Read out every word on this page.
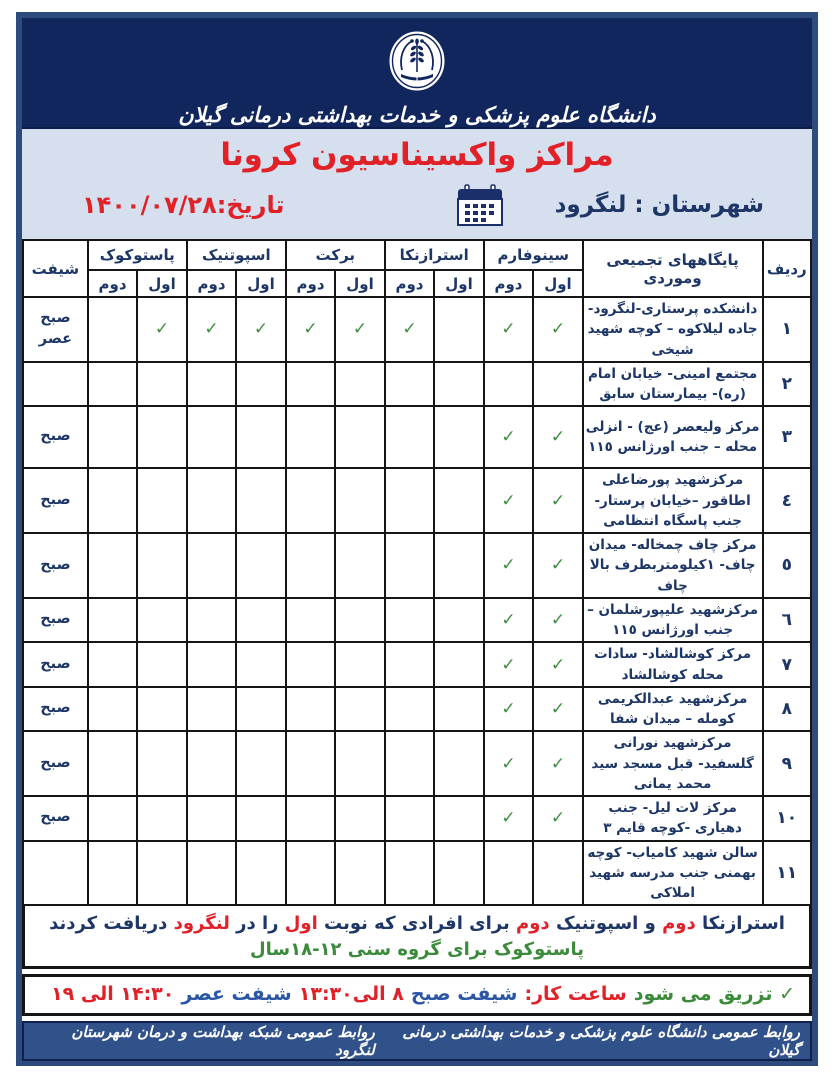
دانشگاه علوم پزشکی و خدمات بهداشتی درمانی گیلان
مراکز واکسیناسیون کرونا
شهرستان : لنگرود
تاریخ:۱۴۰۰/۰۷/۲۸
ردیف	پایگاههای تجمیعی وموردی	سینوفارم		استرازنکا		برکت		اسپوتنیک		پاستوکوک		شیفت
		اول	دوم	اول	دوم	اول	دوم	اول	دوم	اول	دوم	
١	دانشکده پرستاری-لنگرود- جاده لیلاکوه – کوچه شهید شیخی	✓	✓		✓	✓	✓	✓	✓	✓		صبح عصر
٢	مجتمع امینی- خیابان امام (ره)- بیمارستان سابق											
٣	مرکز ولیعصر (عج) - انزلی محله – جنب اورژانس ١١٥	✓	✓									صبح
٤	مرکزشهید پورضاعلی اطاقور –خیابان پرستار- جنب پاسگاه انتظامی	✓	✓									صبح
٥	مرکز چاف چمخاله- میدان چاف- ۱کیلومتربطرف بالا چاف	✓	✓									صبح
٦	مرکزشهید علیپورشلمان – جنب اورژانس ١١٥	✓	✓									صبح
٧	مرکز کوشالشاد- سادات محله کوشالشاد	✓	✓									صبح
٨	مرکزشهید عبدالکریمی کومله – میدان شفا	✓	✓									صبح
٩	مرکزشهید نورانی گلسفید- قبل مسجد سید محمد یمانی	✓	✓									صبح
١٠	مرکز لات لیل- جنب دهیاری -کوچه قایم ۳	✓	✓									صبح
١١	سالن شهید کامیاب- کوچه بهمنی جنب مدرسه شهید املاکی											
استرازنکا دوم و اسپوتنیک دوم برای افرادی که نوبت اول را در لنگرود دریافت کردند
پاستوکوک برای گروه سنی ۱۲-۱۸سال
✓ تزریق می شود
ساعت کار:
شیفت صبح
۸ الی۱۳:۳۰
شیفت عصر
۱۴:۳۰ الی ۱۹
روابط عمومی دانشگاه علوم پزشکی و خدمات بهداشتی درمانی گیلان
روابط عمومی شبکه بهداشت و درمان شهرستان لنگرود
